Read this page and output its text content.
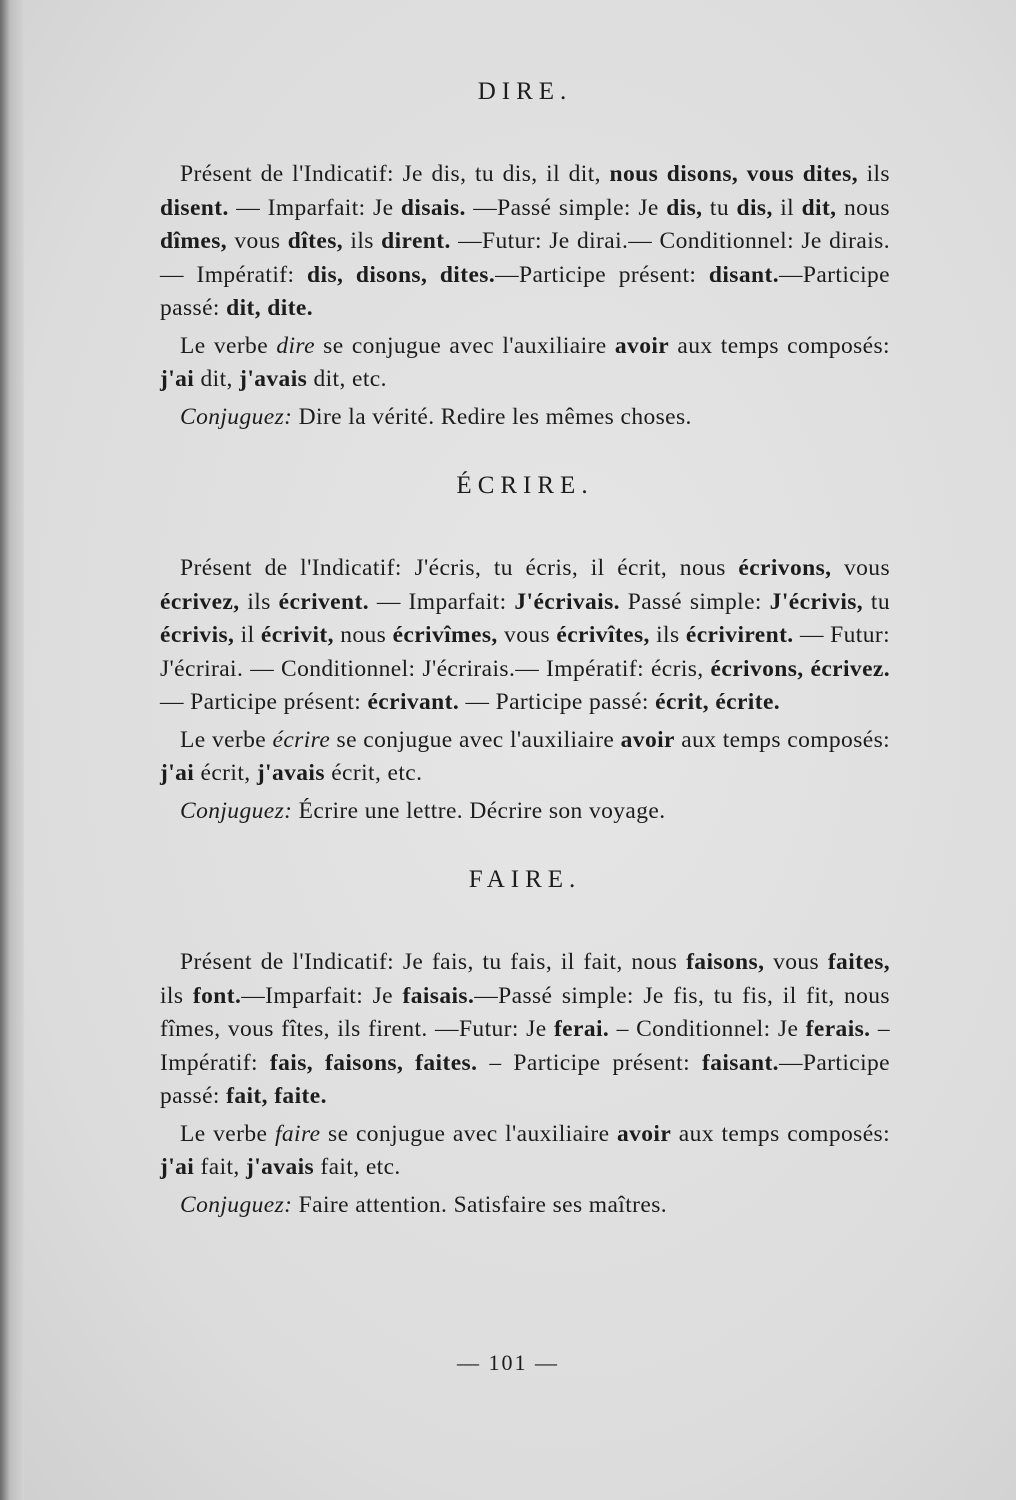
DIRE.

Présent de l'Indicatif: Je dis, tu dis, il dit, nous disons, vous dites, ils disent. — Imparfait: Je disais. —Passé simple: Je dis, tu dis, il dit, nous dîmes, vous dîtes, ils dirent. —Futur: Je dirai.— Conditionnel: Je dirais.— Impératif: dis, disons, dites.—Participe présent: disant.—Participe passé: dit, dite.

Le verbe dire se conjugue avec l'auxiliaire avoir aux temps composés: j'ai dit, j'avais dit, etc.

Conjuguez: Dire la vérité. Redire les mêmes choses.

ÉCRIRE.

Présent de l'Indicatif: J'écris, tu écris, il écrit, nous écrivons, vous écrivez, ils écrivent. — Imparfait: J'écrivais. Passé simple: J'écrivis, tu écrivis, il écrivit, nous écrivîmes, vous écrivîtes, ils écrivirent. — Futur: J'écrirai. — Conditionnel: J'écrirais.— Impératif: écris, écrivons, écrivez. — Participe présent: écrivant. — Participe passé: écrit, écrite.

Le verbe écrire se conjugue avec l'auxiliaire avoir aux temps composés: j'ai écrit, j'avais écrit, etc.

Conjuguez: Écrire une lettre. Décrire son voyage.

FAIRE.

Présent de l'Indicatif: Je fais, tu fais, il fait, nous faisons, vous faites, ils font.—Imparfait: Je faisais.—Passé simple: Je fis, tu fis, il fit, nous fîmes, vous fîtes, ils firent. —Futur: Je ferai. – Conditionnel: Je ferais. – Impératif: fais, faisons, faites. – Participe présent: faisant.—Participe passé: fait, faite.

Le verbe faire se conjugue avec l'auxiliaire avoir aux temps composés: j'ai fait, j'avais fait, etc.

Conjuguez: Faire attention. Satisfaire ses maîtres.

— 101 —
